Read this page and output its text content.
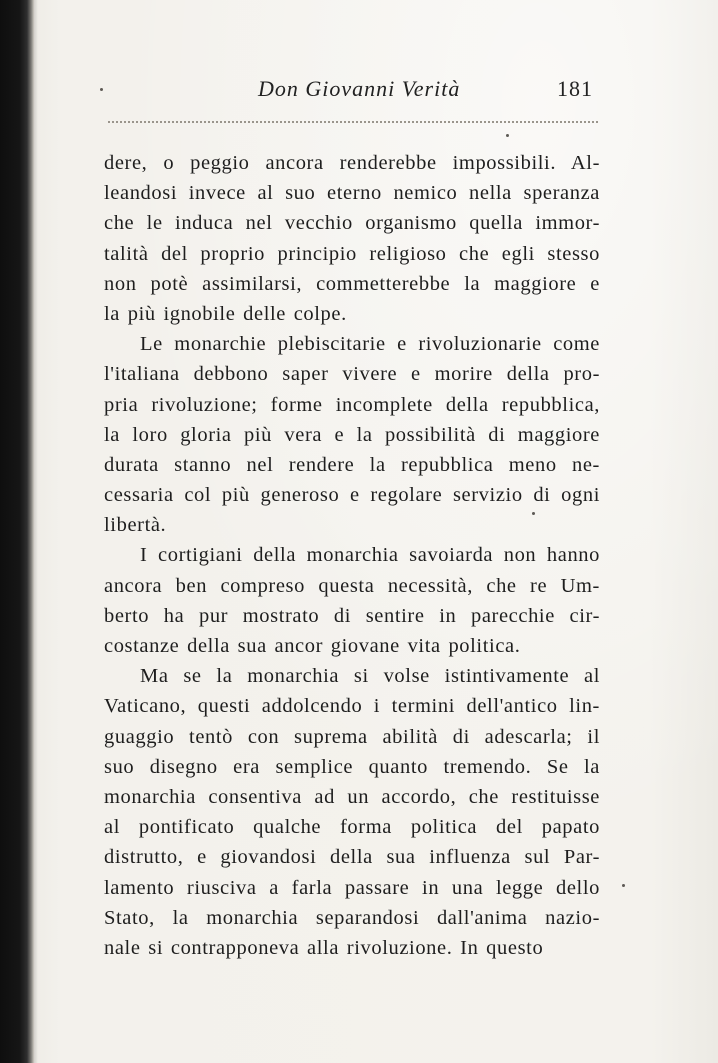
Don Giovanni Verità	181
dere, o peggio ancora renderebbe impossibili. Al-
leandosi invece al suo eterno nemico nella speranza
che le induca nel vecchio organismo quella immor-
talità del proprio principio religioso che egli stesso
non potè assimilarsi, commetterebbe la maggiore e
la più ignobile delle colpe.
Le monarchie plebiscitarie e rivoluzionarie come
l'italiana debbono saper vivere e morire della pro-
pria rivoluzione; forme incomplete della repubblica,
la loro gloria più vera e la possibilità di maggiore
durata stanno nel rendere la repubblica meno ne-
cessaria col più generoso e regolare servizio di ogni
libertà.
I cortigiani della monarchia savoiarda non hanno
ancora ben compreso questa necessità, che re Um-
berto ha pur mostrato di sentire in parecchie cir-
costanze della sua ancor giovane vita politica.
Ma se la monarchia si volse istintivamente al
Vaticano, questi addolcendo i termini dell'antico lin-
guaggio tentò con suprema abilità di adescarla; il
suo disegno era semplice quanto tremendo. Se la
monarchia consentiva ad un accordo, che restituisse
al pontificato qualche forma politica del papato
distrutto, e giovandosi della sua influenza sul Par-
lamento riusciva a farla passare in una legge dello
Stato, la monarchia separandosi dall'anima nazio-
nale si contrapponeva alla rivoluzione. In questo
